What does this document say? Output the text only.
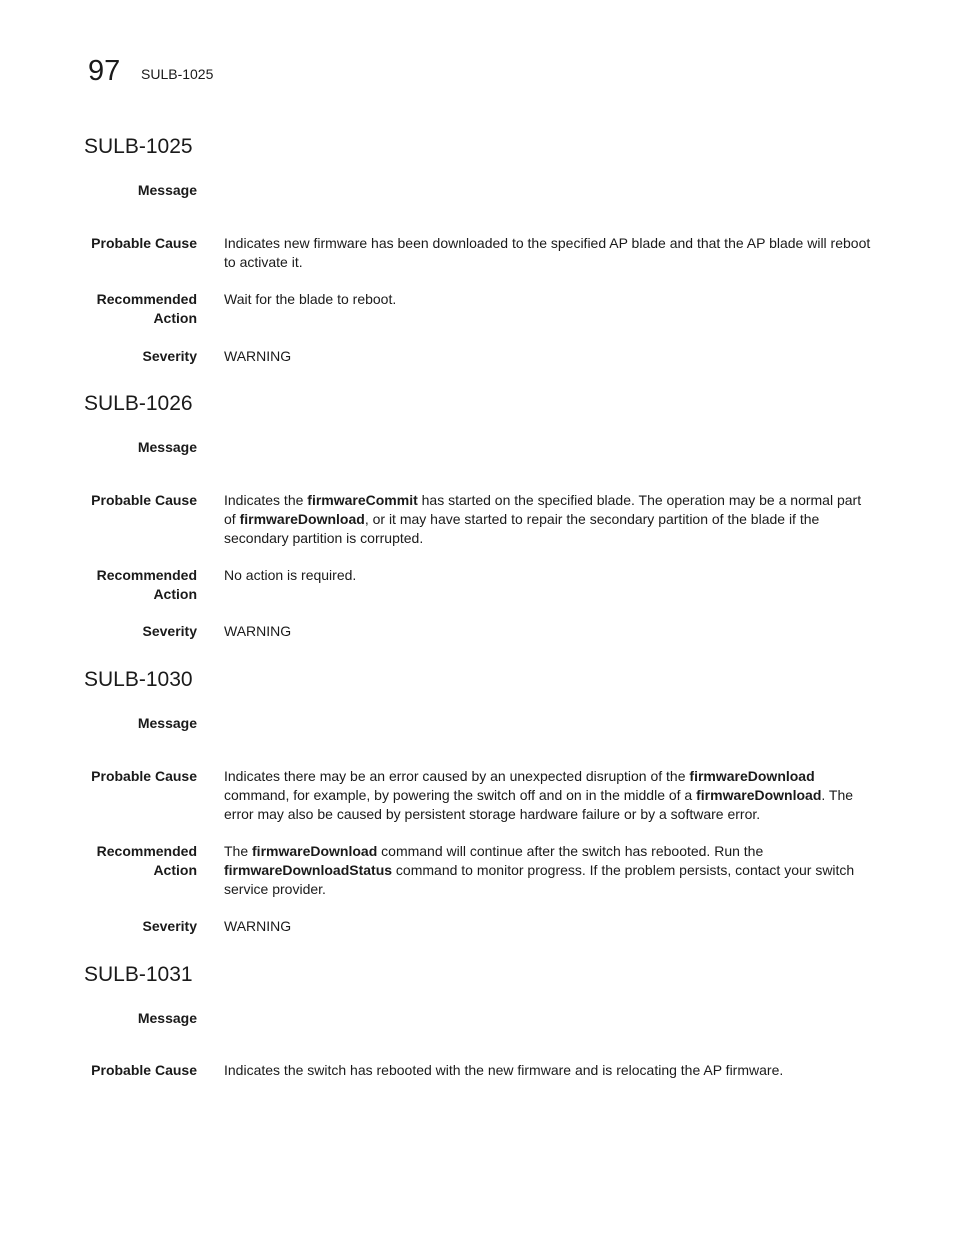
97 SULB-1025
SULB-1025
Message
Probable Cause Indicates new firmware has been downloaded to the specified AP blade and that the AP blade will reboot to activate it.
Recommended
Action
Wait for the blade to reboot.
Severity WARNING
SULB-1026
Message
Probable Cause Indicates the firmwareCommit has started on the specified blade. The operation may be a normal part of firmwareDownload, or it may have started to repair the secondary partition of the blade if the secondary partition is corrupted.
Recommended
Action
No action is required.
Severity WARNING
SULB-1030
Message
Probable Cause Indicates there may be an error caused by an unexpected disruption of the firmwareDownload command, for example, by powering the switch off and on in the middle of a firmwareDownload. The error may also be caused by persistent storage hardware failure or by a software error.
Recommended
Action
The firmwareDownload command will continue after the switch has rebooted. Run the firmwareDownloadStatus command to monitor progress. If the problem persists, contact your switch service provider.
Severity WARNING
SULB-1031
Message
Probable Cause Indicates the switch has rebooted with the new firmware and is relocating the AP firmware.
